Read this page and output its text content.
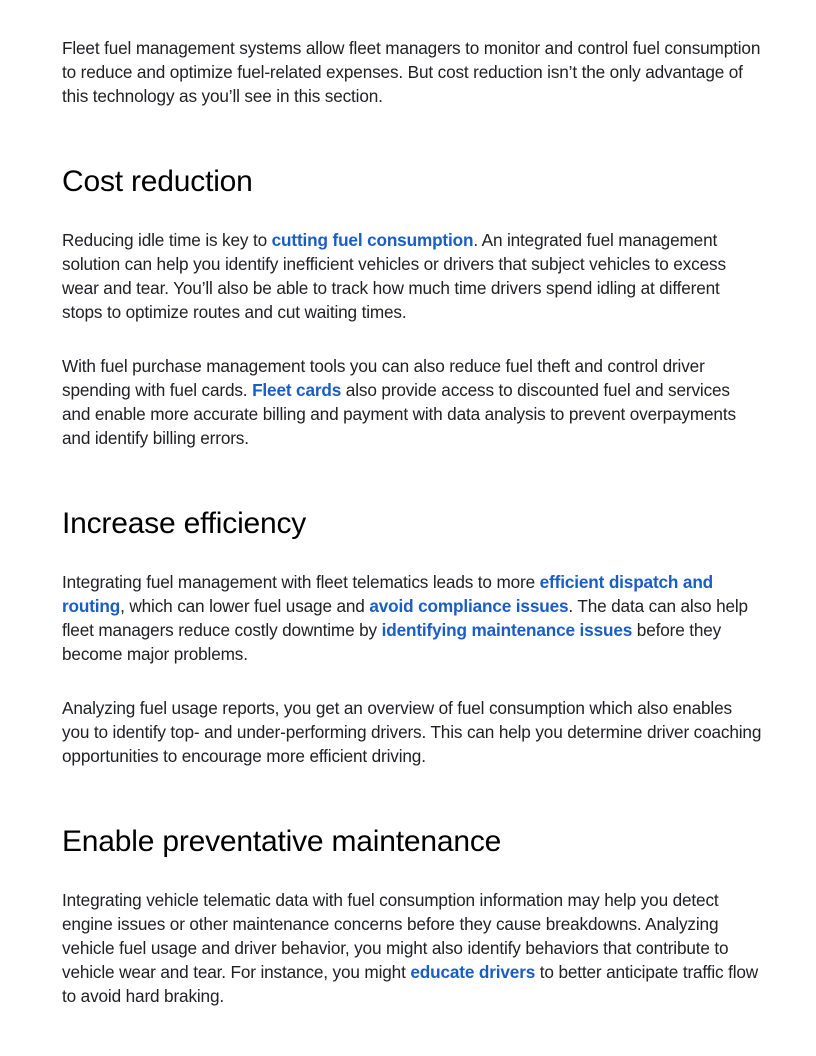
Fleet fuel management systems allow fleet managers to monitor and control fuel consumption to reduce and optimize fuel-related expenses. But cost reduction isn’t the only advantage of this technology as you’ll see in this section.

Cost reduction

Reducing idle time is key to cutting fuel consumption. An integrated fuel management solution can help you identify inefficient vehicles or drivers that subject vehicles to excess wear and tear. You’ll also be able to track how much time drivers spend idling at different stops to optimize routes and cut waiting times.

With fuel purchase management tools you can also reduce fuel theft and control driver spending with fuel cards. Fleet cards also provide access to discounted fuel and services and enable more accurate billing and payment with data analysis to prevent overpayments and identify billing errors.

Increase efficiency

Integrating fuel management with fleet telematics leads to more efficient dispatch and routing, which can lower fuel usage and avoid compliance issues. The data can also help fleet managers reduce costly downtime by identifying maintenance issues before they become major problems.

Analyzing fuel usage reports, you get an overview of fuel consumption which also enables you to identify top- and under-performing drivers. This can help you determine driver coaching opportunities to encourage more efficient driving.

Enable preventative maintenance

Integrating vehicle telematic data with fuel consumption information may help you detect engine issues or other maintenance concerns before they cause breakdowns. Analyzing vehicle fuel usage and driver behavior, you might also identify behaviors that contribute to vehicle wear and tear. For instance, you might educate drivers to better anticipate traffic flow to avoid hard braking.
